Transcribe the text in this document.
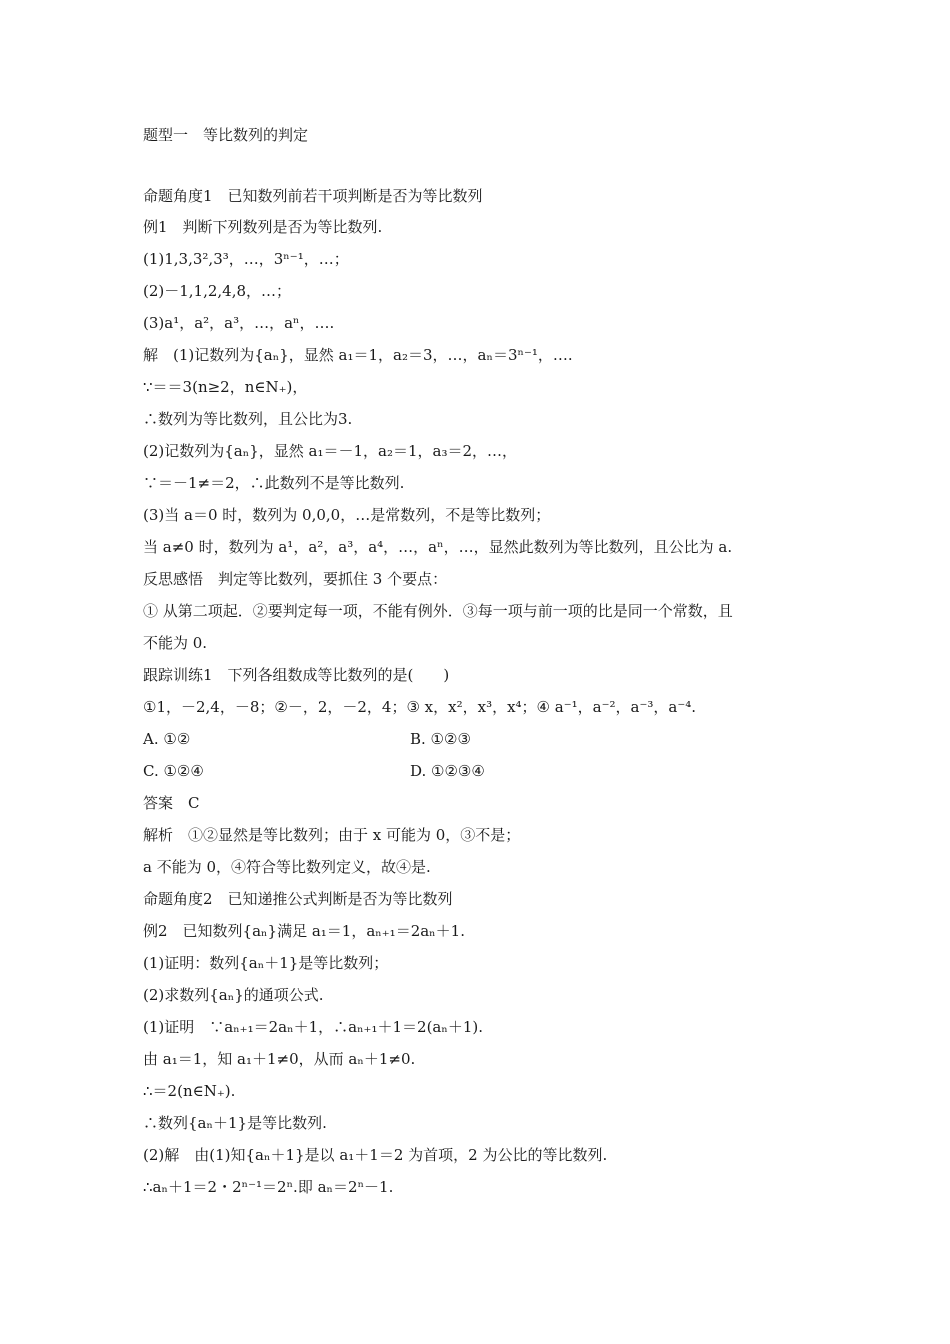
题型一　等比数列的判定
命题角度1　已知数列前若干项判断是否为等比数列
例1　判断下列数列是否为等比数列.
(1)1,3,3²,3³，…，3ⁿ⁻¹，…；
(2)－1,1,2,4,8，…；
(3)a¹，a²，a³，…，aⁿ，….
解　(1)记数列为{aₙ}，显然 a₁＝1，a₂＝3，…，aₙ＝3ⁿ⁻¹，….
∵＝＝3(n≥2，n∈N₊)，
∴数列为等比数列，且公比为3.
(2)记数列为{aₙ}，显然 a₁＝－1，a₂＝1，a₃＝2，…，
∵＝－1≠＝2，∴此数列不是等比数列.
(3)当 a＝0 时，数列为 0,0,0，…是常数列，不是等比数列；
当 a≠0 时，数列为 a¹，a²，a³，a⁴，…，aⁿ，…，显然此数列为等比数列，且公比为 a.
反思感悟　判定等比数列，要抓住 3 个要点：
① 从第二项起．②要判定每一项，不能有例外．③每一项与前一项的比是同一个常数，且
不能为 0.
跟踪训练1　下列各组数成等比数列的是(　　)
①1，－2,4，－8；②－，2，－2，4；③ x，x²，x³，x⁴；④ a⁻¹，a⁻²，a⁻³，a⁻⁴.
A. ①②	B. ①②③
C. ①②④	D. ①②③④
答案　C
解析　①②显然是等比数列；由于 x 可能为 0，③不是；
a 不能为 0，④符合等比数列定义，故④是.
命题角度2　已知递推公式判断是否为等比数列
例2　已知数列{aₙ}满足 a₁＝1，aₙ₊₁＝2aₙ＋1.
(1)证明：数列{aₙ＋1}是等比数列；
(2)求数列{aₙ}的通项公式.
(1)证明　∵aₙ₊₁＝2aₙ＋1，∴aₙ₊₁＋1＝2(aₙ＋1).
由 a₁＝1，知 a₁＋1≠0，从而 aₙ＋1≠0.
∴＝2(n∈N₊).
∴数列{aₙ＋1}是等比数列.
(2)解　由(1)知{aₙ＋1}是以 a₁＋1＝2 为首项，2 为公比的等比数列.
∴aₙ＋1＝2・2ⁿ⁻¹＝2ⁿ.即 aₙ＝2ⁿ－1.
